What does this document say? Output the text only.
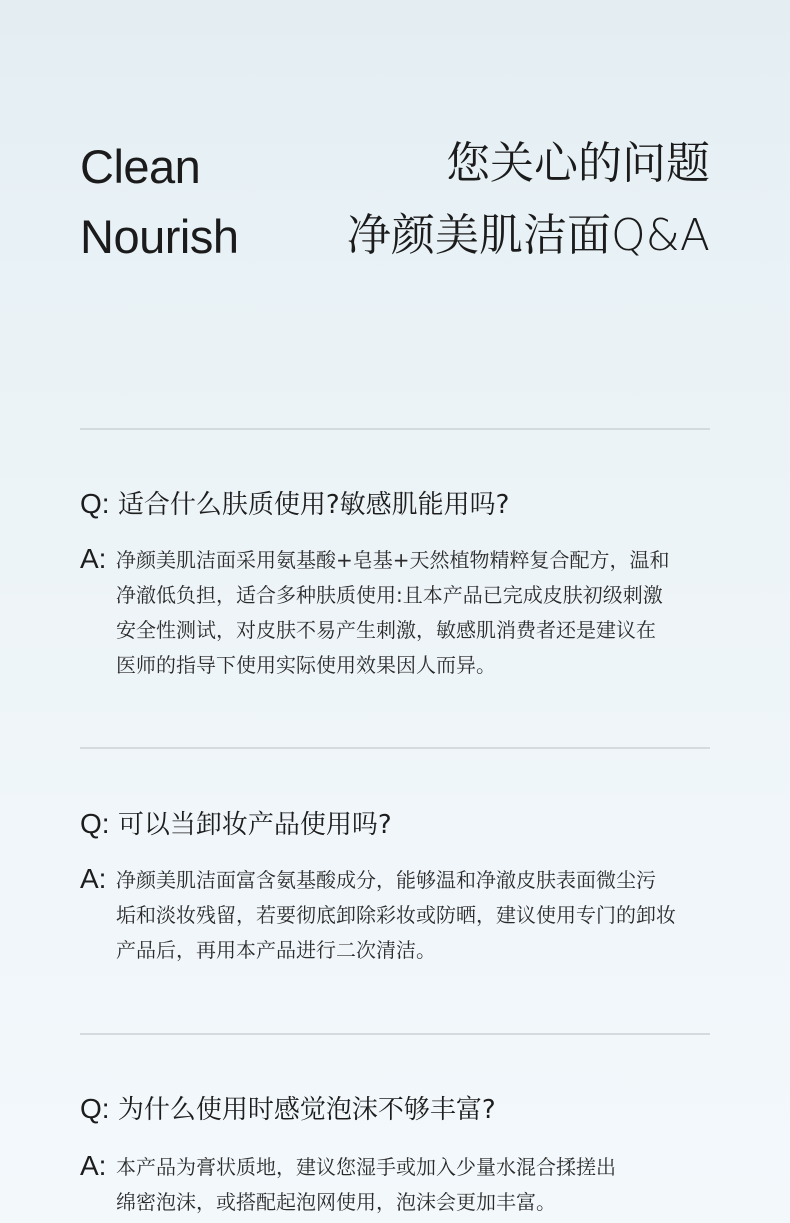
Clean
Nourish
您关心的问题
净颜美肌洁面Q&A
Q: 适合什么肤质使用?敏感肌能用吗?
A: 净颜美肌洁面采用氨基酸+皂基+天然植物精粹复合配方，温和
净澈低负担，适合多种肤质使用:且本产品已完成皮肤初级刺激
安全性测试，对皮肤不易产生刺激，敏感肌消费者还是建议在
医师的指导下使用实际使用效果因人而异。
Q: 可以当卸妆产品使用吗?
A: 净颜美肌洁面富含氨基酸成分，能够温和净澈皮肤表面微尘污
垢和淡妆残留，若要彻底卸除彩妆或防晒，建议使用专门的卸妆
产品后，再用本产品进行二次清洁。
Q: 为什么使用时感觉泡沫不够丰富?
A: 本产品为膏状质地，建议您湿手或加入少量水混合揉搓出
绵密泡沫，或搭配起泡网使用，泡沫会更加丰富。
